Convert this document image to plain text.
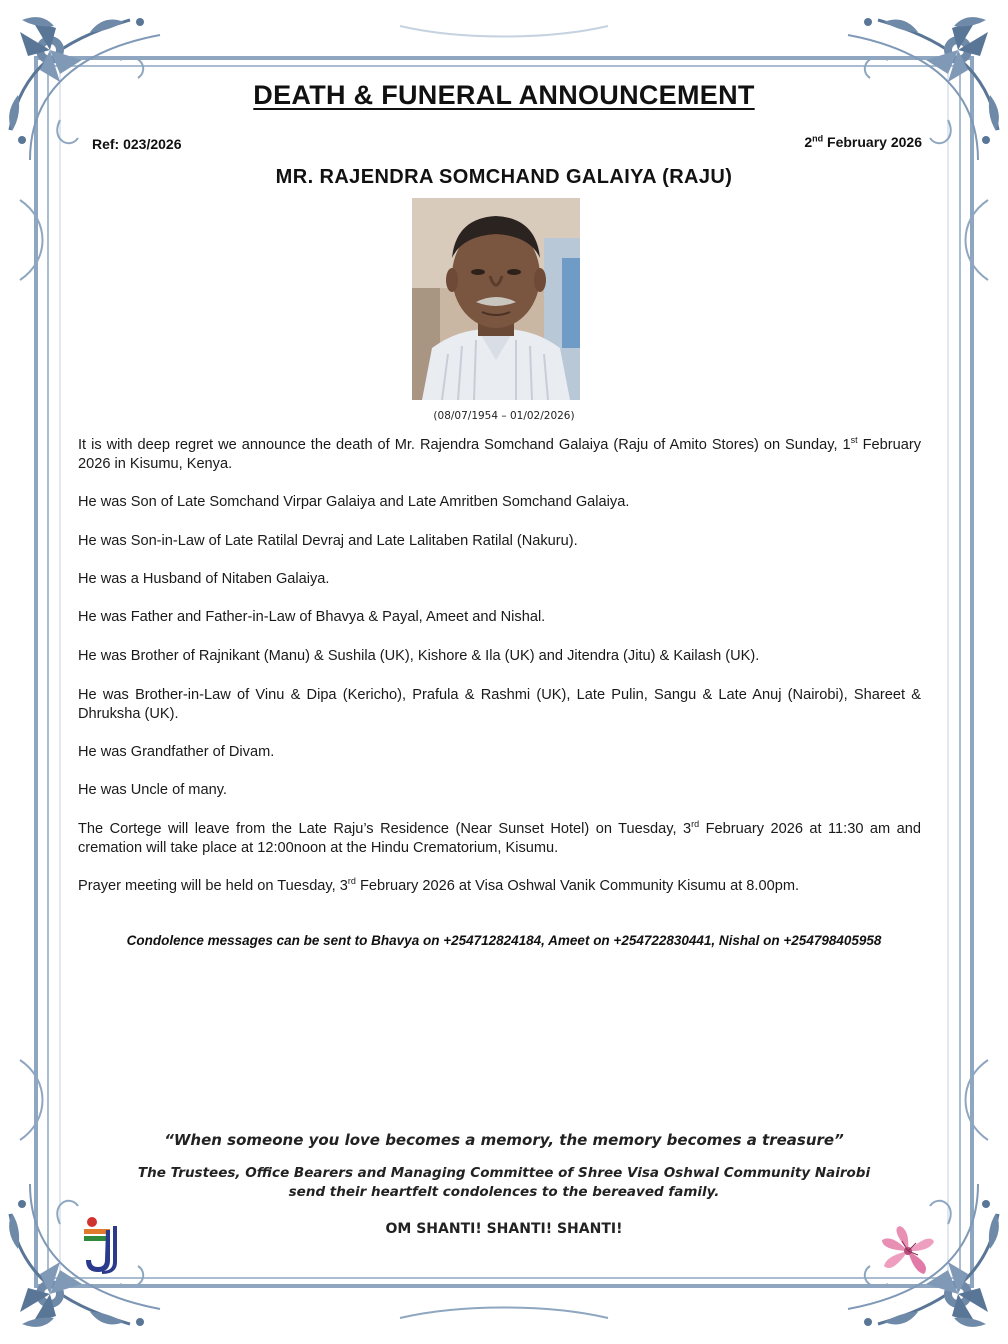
DEATH & FUNERAL ANNOUNCEMENT
Ref: 023/2026	2nd February 2026
MR. RAJENDRA SOMCHAND GALAIYA (RAJU)
(08/07/1954 – 01/02/2026)
It is with deep regret we announce the death of Mr. Rajendra Somchand Galaiya (Raju of Amito Stores) on Sunday, 1st February 2026 in Kisumu, Kenya.
He was Son of Late Somchand Virpar Galaiya and Late Amritben Somchand Galaiya.
He was Son-in-Law of Late Ratilal Devraj and Late Lalitaben Ratilal (Nakuru).
He was a Husband of Nitaben Galaiya.
He was Father and Father-in-Law of Bhavya & Payal, Ameet and Nishal.
He was Brother of Rajnikant (Manu) & Sushila (UK), Kishore & Ila (UK) and Jitendra (Jitu) & Kailash (UK).
He was Brother-in-Law of Vinu & Dipa (Kericho), Prafula & Rashmi (UK), Late Pulin, Sangu & Late Anuj (Nairobi), Shareet & Dhruksha (UK).
He was Grandfather of Divam.
He was Uncle of many.
The Cortege will leave from the Late Raju’s Residence (Near Sunset Hotel) on Tuesday, 3rd February 2026 at 11:30 am and cremation will take place at 12:00noon at the Hindu Crematorium, Kisumu.
Prayer meeting will be held on Tuesday, 3rd February 2026 at Visa Oshwal Vanik Community Kisumu at 8.00pm.
Condolence messages can be sent to Bhavya on +254712824184, Ameet on +254722830441, Nishal on +254798405958
“When someone you love becomes a memory, the memory becomes a treasure”
The Trustees, Office Bearers and Managing Committee of Shree Visa Oshwal Community Nairobi
send their heartfelt condolences to the bereaved family.
OM SHANTI! SHANTI! SHANTI!
